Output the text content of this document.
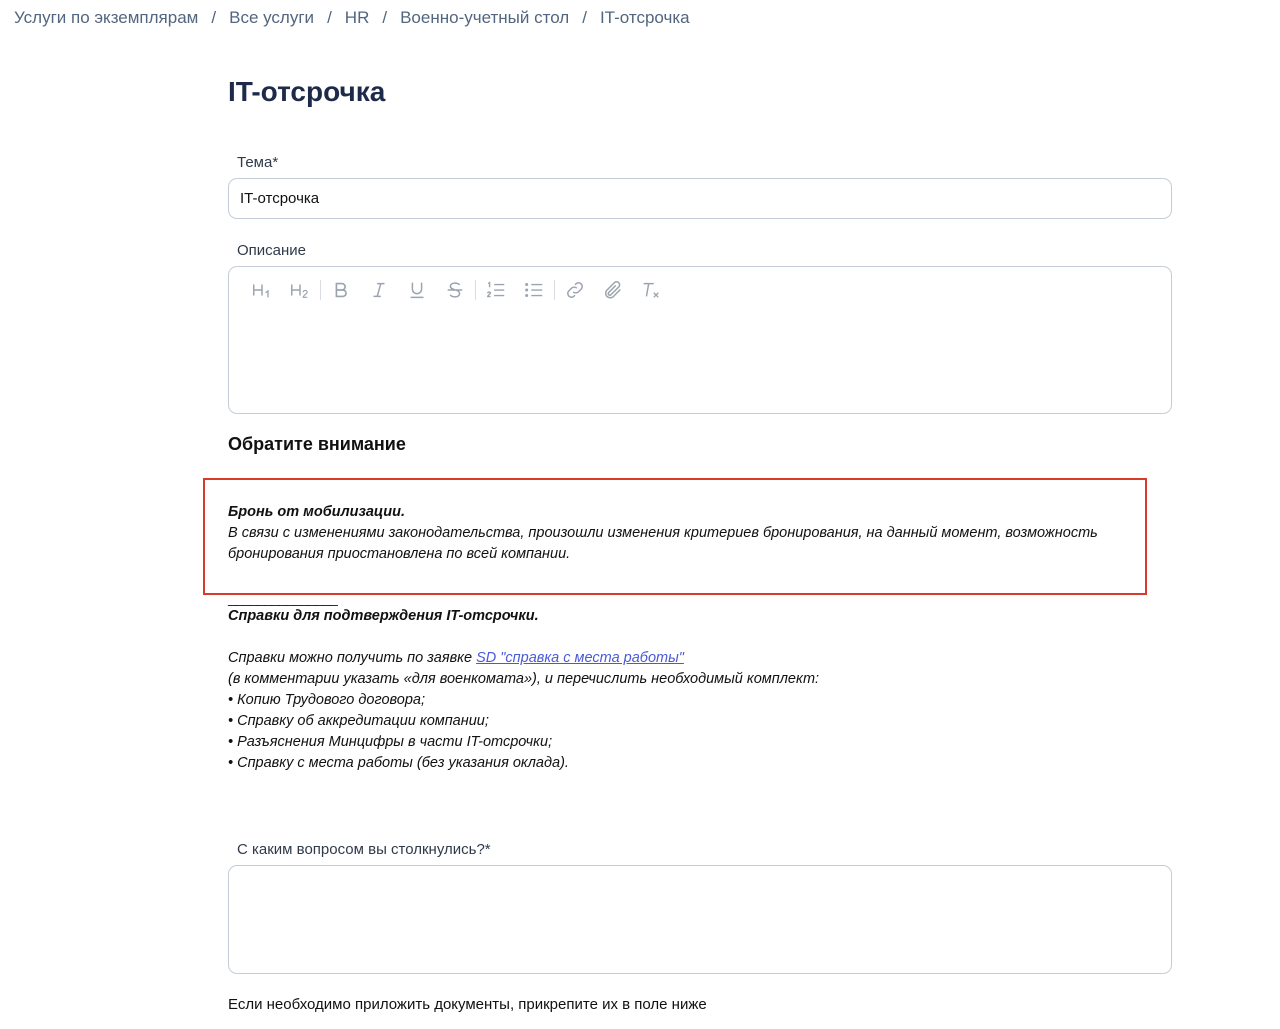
Услуги по экземплярам / Все услуги / HR / Военно-учетный стол / IT-отсрочка
IT-отсрочка
Тема*
IT-отсрочка
Описание
Обратите внимание
Бронь от мобилизации.
В связи с изменениями законодательства, произошли изменения критериев бронирования, на данный момент, возможность бронирования приостановлена по всей компании.
_______________
Справки для подтверждения IT-отсрочки.
Справки можно получить по заявке SD "справка с места работы"
(в комментарии указать «для военкомата»), и перечислить необходимый комплект:
• Копию Трудового договора;
• Справку об аккредитации компании;
• Разъяснения Минцифры в части IT-отсрочки;
• Справку с места работы (без указания оклада).
С каким вопросом вы столкнулись?*
Если необходимо приложить документы, прикрепите их в поле ниже
